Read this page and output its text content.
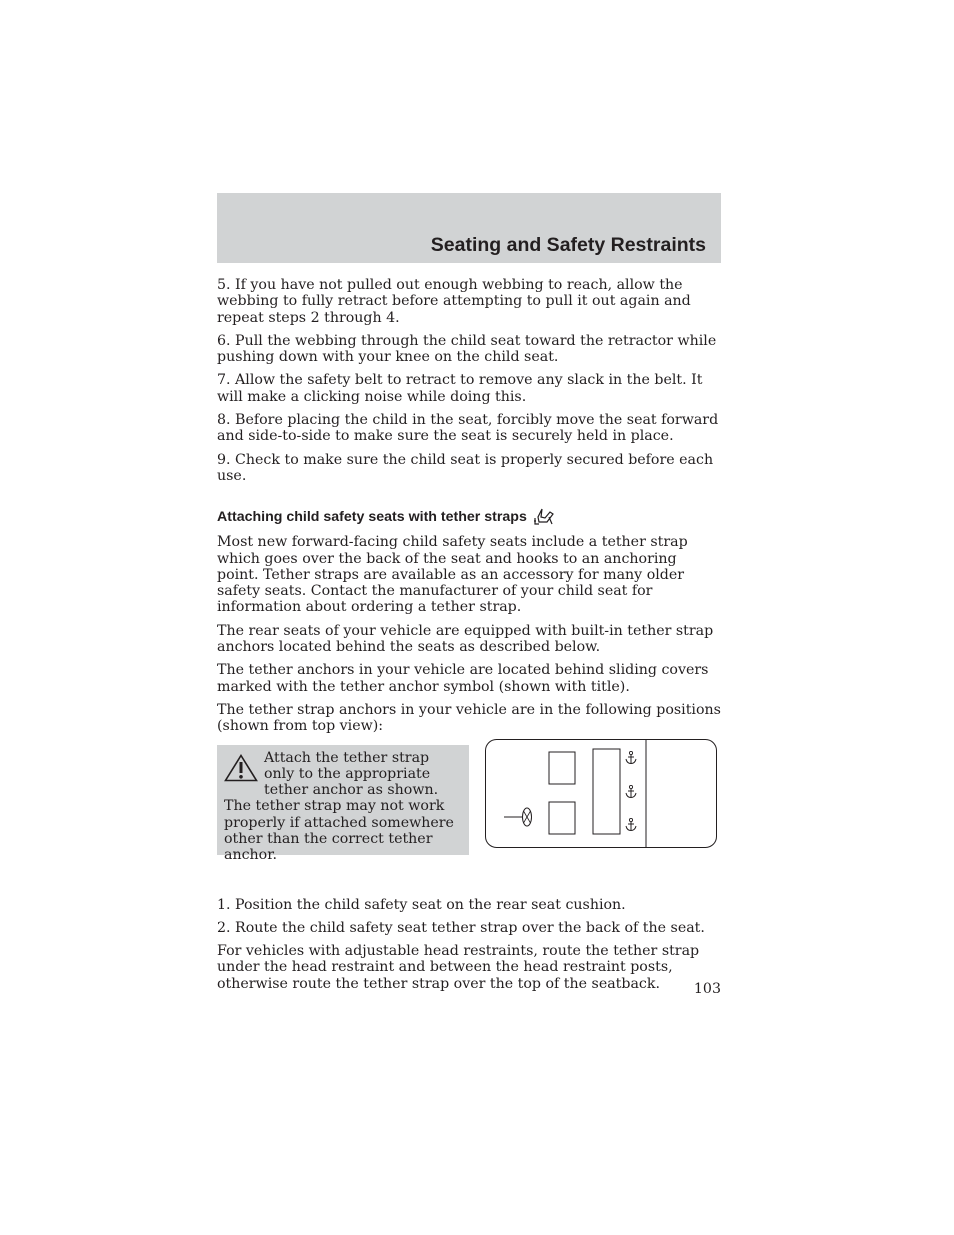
Seating and Safety Restraints

5. If you have not pulled out enough webbing to reach, allow the webbing to fully retract before attempting to pull it out again and repeat steps 2 through 4.

6. Pull the webbing through the child seat toward the retractor while pushing down with your knee on the child seat.

7. Allow the safety belt to retract to remove any slack in the belt. It will make a clicking noise while doing this.

8. Before placing the child in the seat, forcibly move the seat forward and side-to-side to make sure the seat is securely held in place.

9. Check to make sure the child seat is properly secured before each use.

Attaching child safety seats with tether straps

Most new forward-facing child safety seats include a tether strap which goes over the back of the seat and hooks to an anchoring point. Tether straps are available as an accessory for many older safety seats. Contact the manufacturer of your child seat for information about ordering a tether strap.

The rear seats of your vehicle are equipped with built-in tether strap anchors located behind the seats as described below.

The tether anchors in your vehicle are located behind sliding covers marked with the tether anchor symbol (shown with title).

The tether strap anchors in your vehicle are in the following positions (shown from top view):

Attach the tether strap only to the appropriate tether anchor as shown. The tether strap may not work properly if attached somewhere other than the correct tether anchor.

1. Position the child safety seat on the rear seat cushion.

2. Route the child safety seat tether strap over the back of the seat.

For vehicles with adjustable head restraints, route the tether strap under the head restraint and between the head restraint posts, otherwise route the tether strap over the top of the seatback.	103
